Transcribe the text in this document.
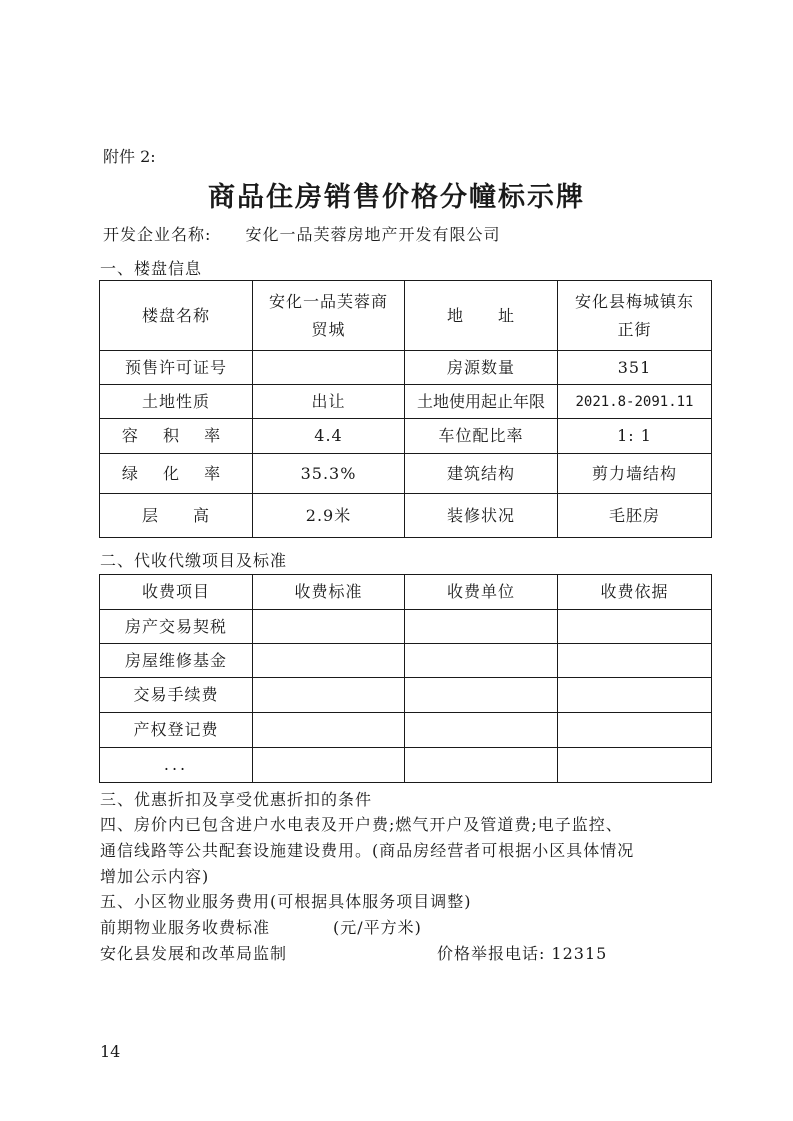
附件 2:
商品住房销售价格分幢标示牌
开发企业名称: 安化一品芙蓉房地产开发有限公司
一、楼盘信息
楼盘名称	安化一品芙蓉商贸城	地　　址	安化县梅城镇东正街
预售许可证号		房源数量	351
土地性质	出让	土地使用起止年限	2021.8-2091.11
容 积 率	4.4	车位配比率	1: 1
绿 化 率	35.3%	建筑结构	剪力墙结构
层　　高	2.9米	装修状况	毛胚房
二、代收代缴项目及标准
收费项目	收费标准	收费单位	收费依据
房产交易契税			
房屋维修基金			
交易手续费			
产权登记费			
...			
三、优惠折扣及享受优惠折扣的条件
四、房价内已包含进户水电表及开户费;燃气开户及管道费;电子监控、
通信线路等公共配套设施建设费用。(商品房经营者可根据小区具体情况
增加公示内容)
五、小区物业服务费用(可根据具体服务项目调整)
前期物业服务收费标准	(元/平方米)
安化县发展和改革局监制	价格举报电话: 12315
14
